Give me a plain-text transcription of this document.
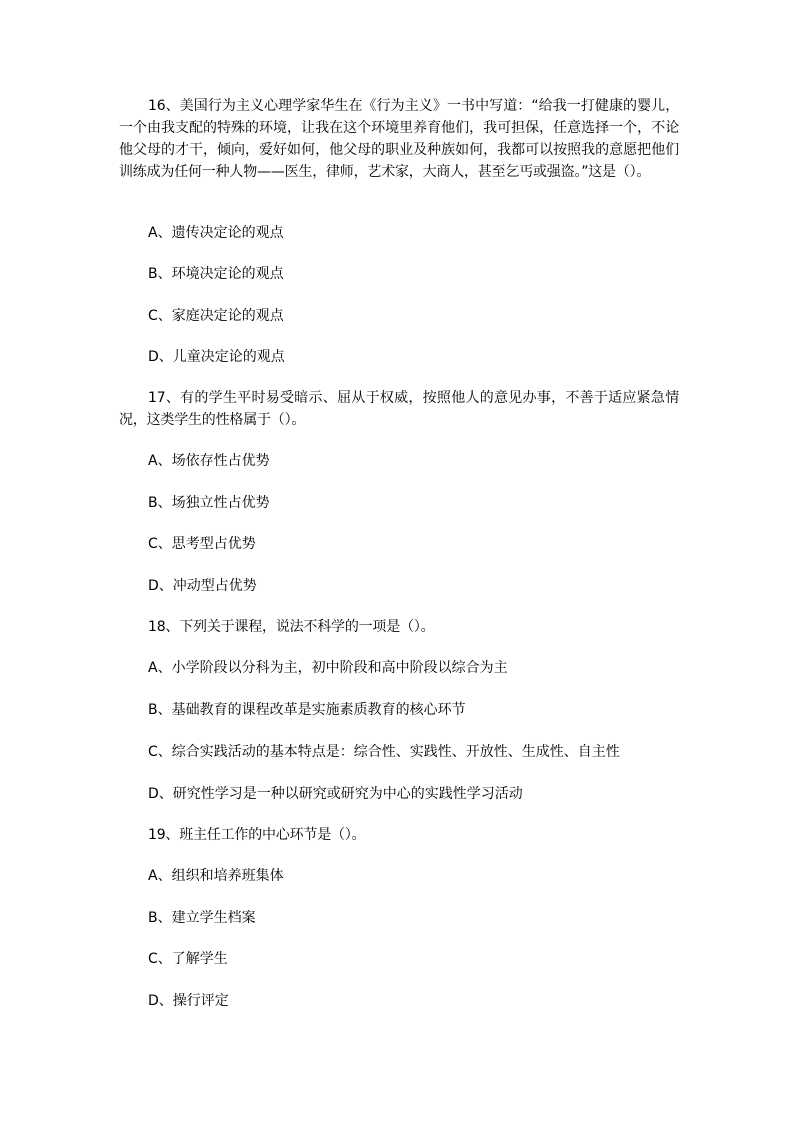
16、美国行为主义心理学家华生在《行为主义》一书中写道：“给我一打健康的婴儿，一个由我支配的特殊的环境，让我在这个环境里养育他们，我可担保，任意选择一个，不论他父母的才干，倾向，爱好如何，他父母的职业及种族如何，我都可以按照我的意愿把他们训练成为任何一种人物——医生，律师，艺术家，大商人，甚至乞丐或强盗。”这是（）。

A、遗传决定论的观点

B、环境决定论的观点

C、家庭决定论的观点

D、儿童决定论的观点

17、有的学生平时易受暗示、屈从于权威，按照他人的意见办事，不善于适应紧急情况，这类学生的性格属于（）。

A、场依存性占优势

B、场独立性占优势

C、思考型占优势

D、冲动型占优势

18、下列关于课程，说法不科学的一项是（）。

A、小学阶段以分科为主，初中阶段和高中阶段以综合为主

B、基础教育的课程改革是实施素质教育的核心环节

C、综合实践活动的基本特点是：综合性、实践性、开放性、生成性、自主性

D、研究性学习是一种以研究或研究为中心的实践性学习活动

19、班主任工作的中心环节是（）。

A、组织和培养班集体

B、建立学生档案

C、了解学生

D、操行评定
